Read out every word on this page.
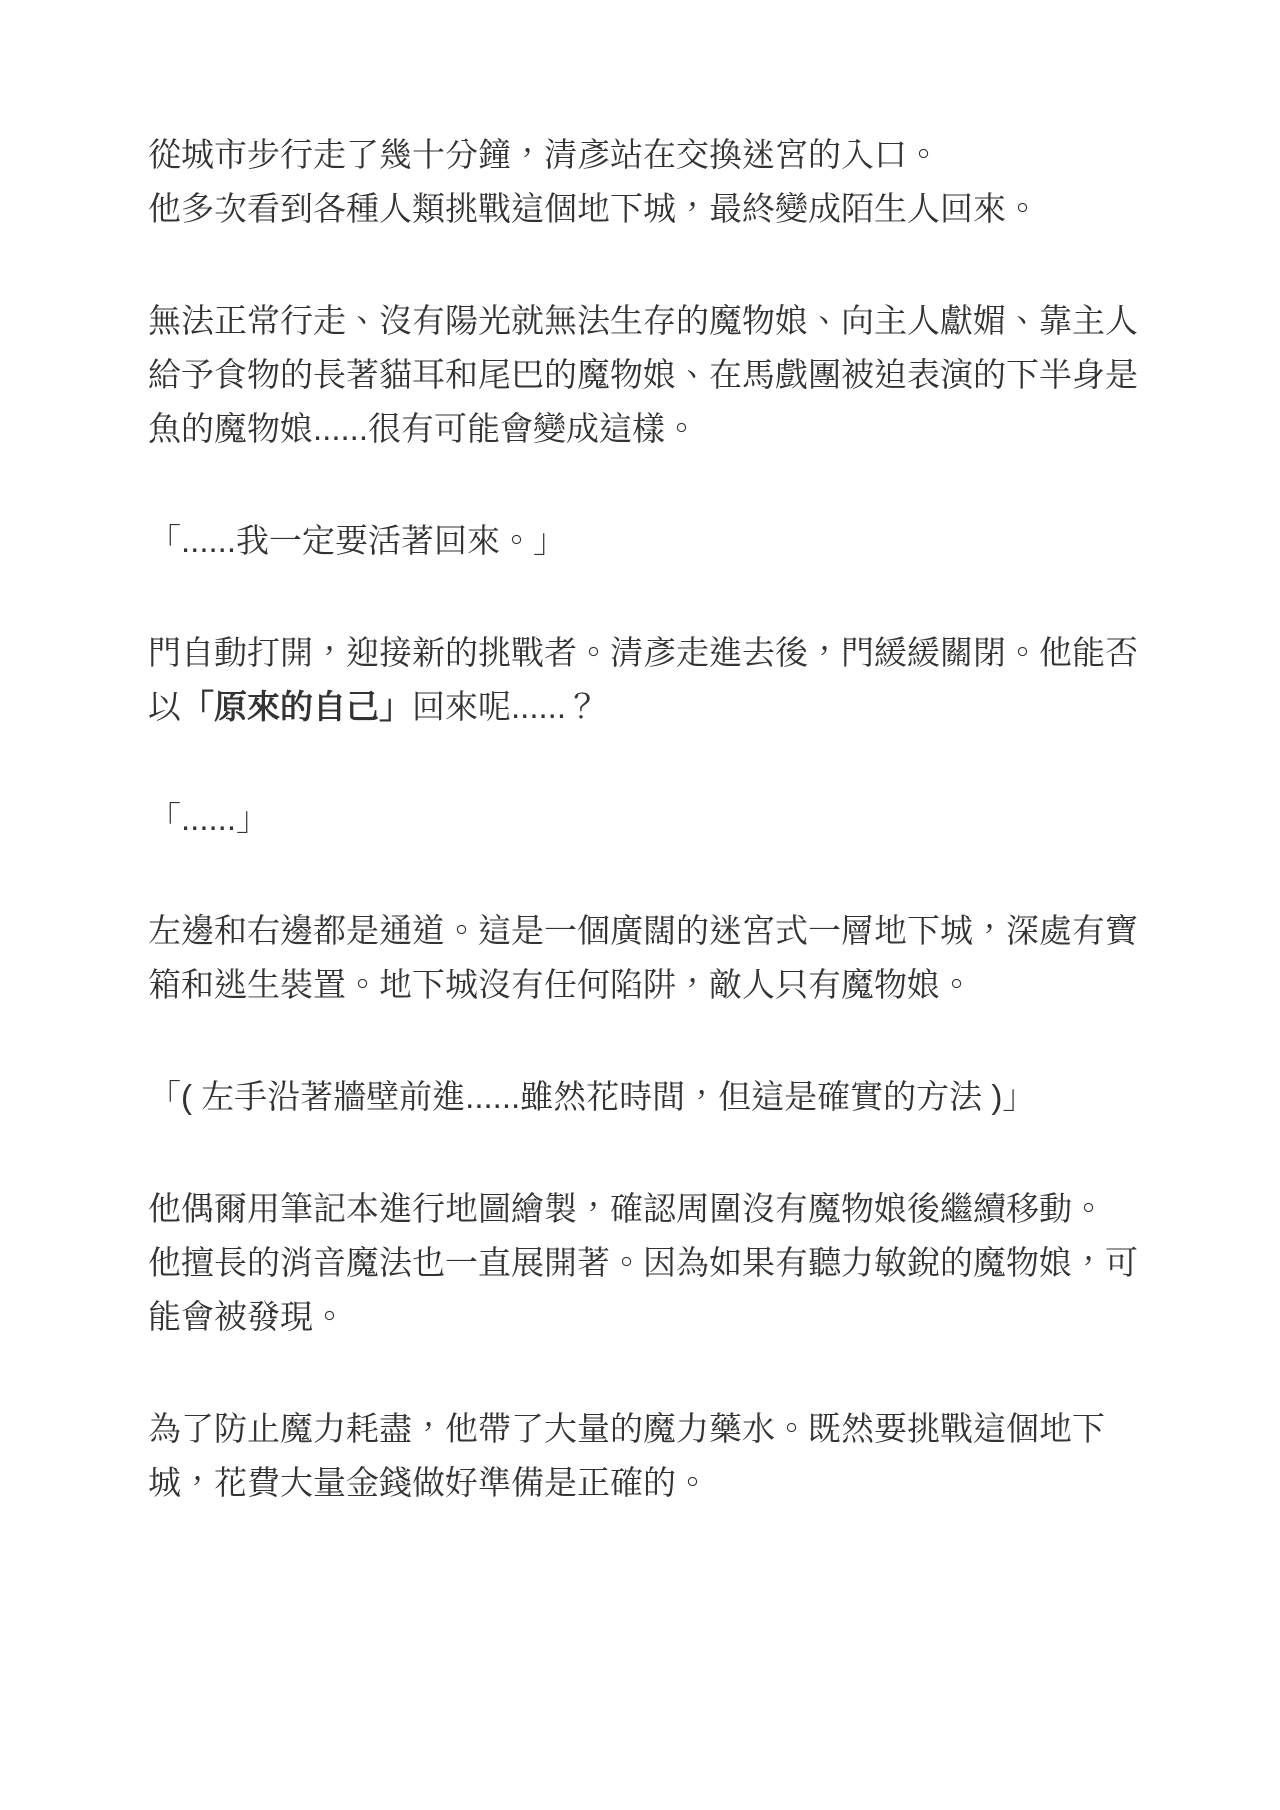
從城市步行走了幾十分鐘，清彥站在交換迷宮的入口。
他多次看到各種人類挑戰這個地下城，最終變成陌生人回來。
無法正常行走、沒有陽光就無法生存的魔物娘、向主人獻媚、靠主人
給予食物的長著貓耳和尾巴的魔物娘、在馬戲團被迫表演的下半身是
魚的魔物娘......很有可能會變成這樣。
「......我一定要活著回來。」
門自動打開，迎接新的挑戰者。清彥走進去後，門緩緩關閉。他能否
以「原來的自己」回來呢......？
「......」
左邊和右邊都是通道。這是一個廣闊的迷宮式一層地下城，深處有寶
箱和逃生裝置。地下城沒有任何陷阱，敵人只有魔物娘。
「( 左手沿著牆壁前進......雖然花時間，但這是確實的方法 )」
他偶爾用筆記本進行地圖繪製，確認周圍沒有魔物娘後繼續移動。
他擅長的消音魔法也一直展開著。因為如果有聽力敏銳的魔物娘，可
能會被發現。
為了防止魔力耗盡，他帶了大量的魔力藥水。既然要挑戰這個地下
城，花費大量金錢做好準備是正確的。
